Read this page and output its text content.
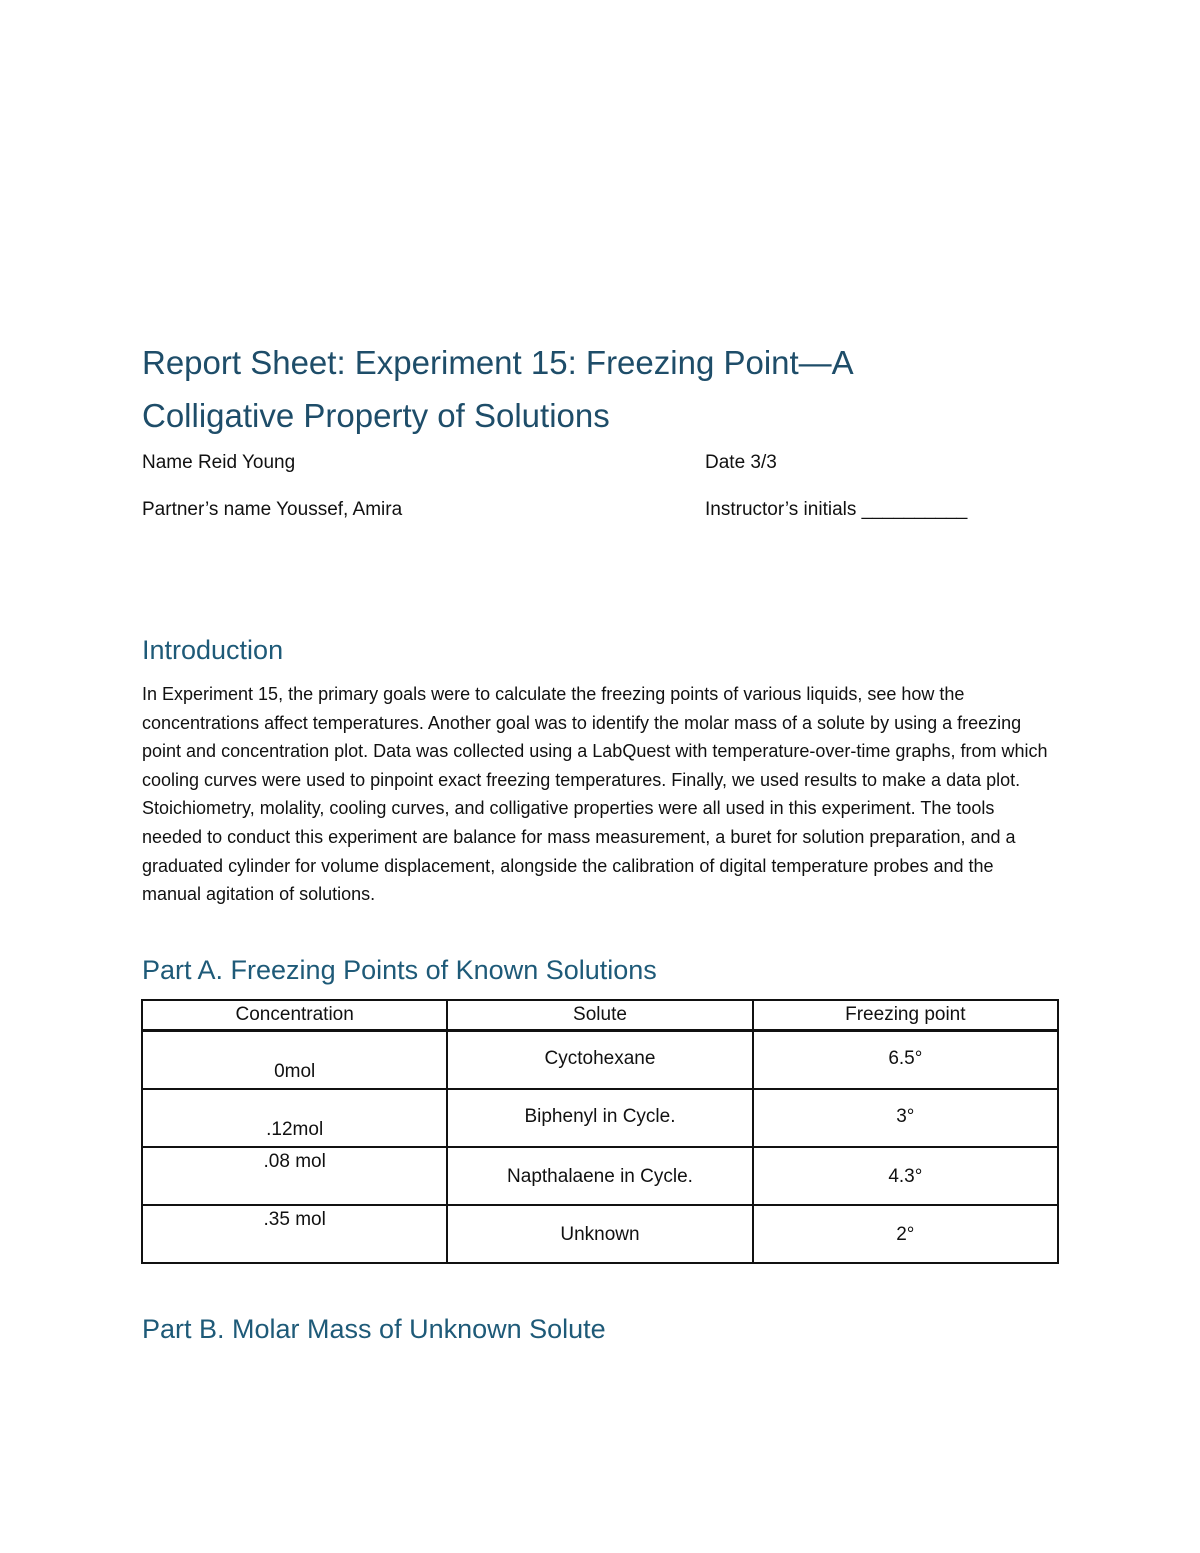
Report Sheet: Experiment 15: Freezing Point—A
Colligative Property of Solutions
Name Reid Young	Date 3/3
Partner’s name Youssef, Amira	Instructor’s initials __________
Introduction

In Experiment 15, the primary goals were to calculate the freezing points of various liquids, see how the concentrations affect temperatures. Another goal was to identify the molar mass of a solute by using a freezing point and concentration plot. Data was collected using a LabQuest with temperature-over-time graphs, from which cooling curves were used to pinpoint exact freezing temperatures. Finally, we used results to make a data plot. Stoichiometry, molality, cooling curves, and colligative properties were all used in this experiment. The tools needed to conduct this experiment are balance for mass measurement, a buret for solution preparation, and a graduated cylinder for volume displacement, alongside the calibration of digital temperature probes and the manual agitation of solutions.

Part A. Freezing Points of Known Solutions
Concentration	Solute	Freezing point

0mol	Cyctohexane	6.5°

.12mol	Biphenyl in Cycle.	3°

.08 mol	Napthalaene in Cycle.	4.3°

.35 mol	Unknown	2°
Part B. Molar Mass of Unknown Solute
